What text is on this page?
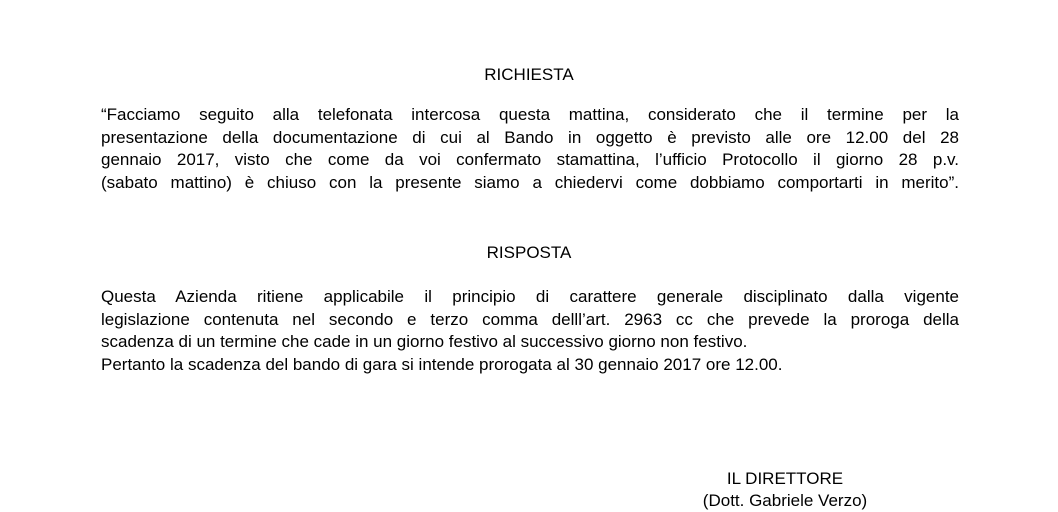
RICHIESTA
“Facciamo seguito alla telefonata intercosa questa mattina, considerato che il termine per la
presentazione della documentazione di cui al Bando in oggetto è previsto alle ore 12.00 del 28
gennaio 2017, visto che come da voi confermato stamattina, l’ufficio Protocollo il giorno 28 p.v.
(sabato mattino) è chiuso con la presente siamo a chiedervi come dobbiamo comportarti in merito”.
RISPOSTA
Questa Azienda ritiene applicabile il principio di carattere generale disciplinato dalla vigente
legislazione contenuta nel secondo e terzo comma delll’art. 2963 cc che prevede la proroga della
scadenza di un termine che cade in un giorno festivo al successivo giorno non festivo.
Pertanto la scadenza del bando di gara si intende prorogata al 30 gennaio 2017 ore 12.00.
IL DIRETTORE
(Dott. Gabriele Verzo)
